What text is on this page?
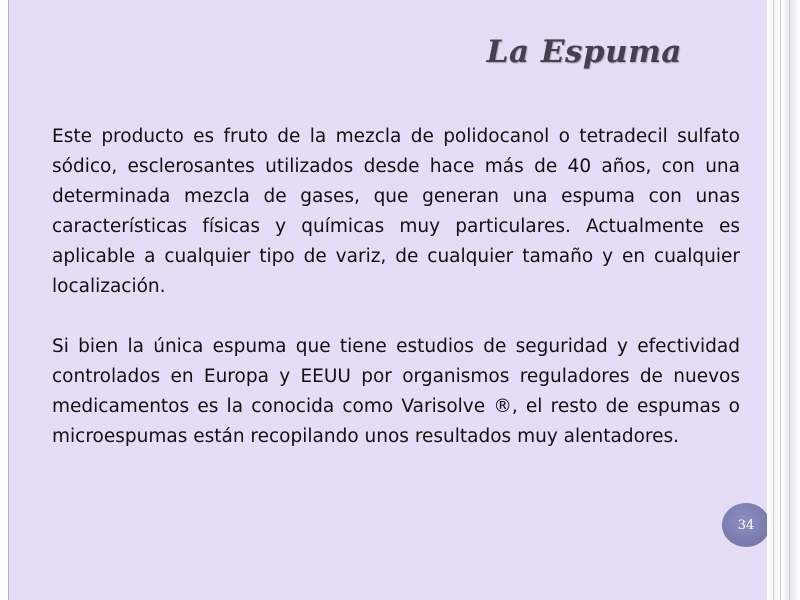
La Espuma

Este producto es fruto de la mezcla de polidocanol o tetradecil sulfato sódico, esclerosantes utilizados desde hace más de 40 años, con una determinada mezcla de gases, que generan una espuma con unas características físicas y químicas muy particulares. Actualmente es aplicable a cualquier tipo de variz, de cualquier tamaño y en cualquier localización.

Si bien la única espuma que tiene estudios de seguridad y efectividad controlados en Europa y EEUU por organismos reguladores de nuevos medicamentos es la conocida como Varisolve ®, el resto de espumas o microespumas están recopilando unos resultados muy alentadores.

34
